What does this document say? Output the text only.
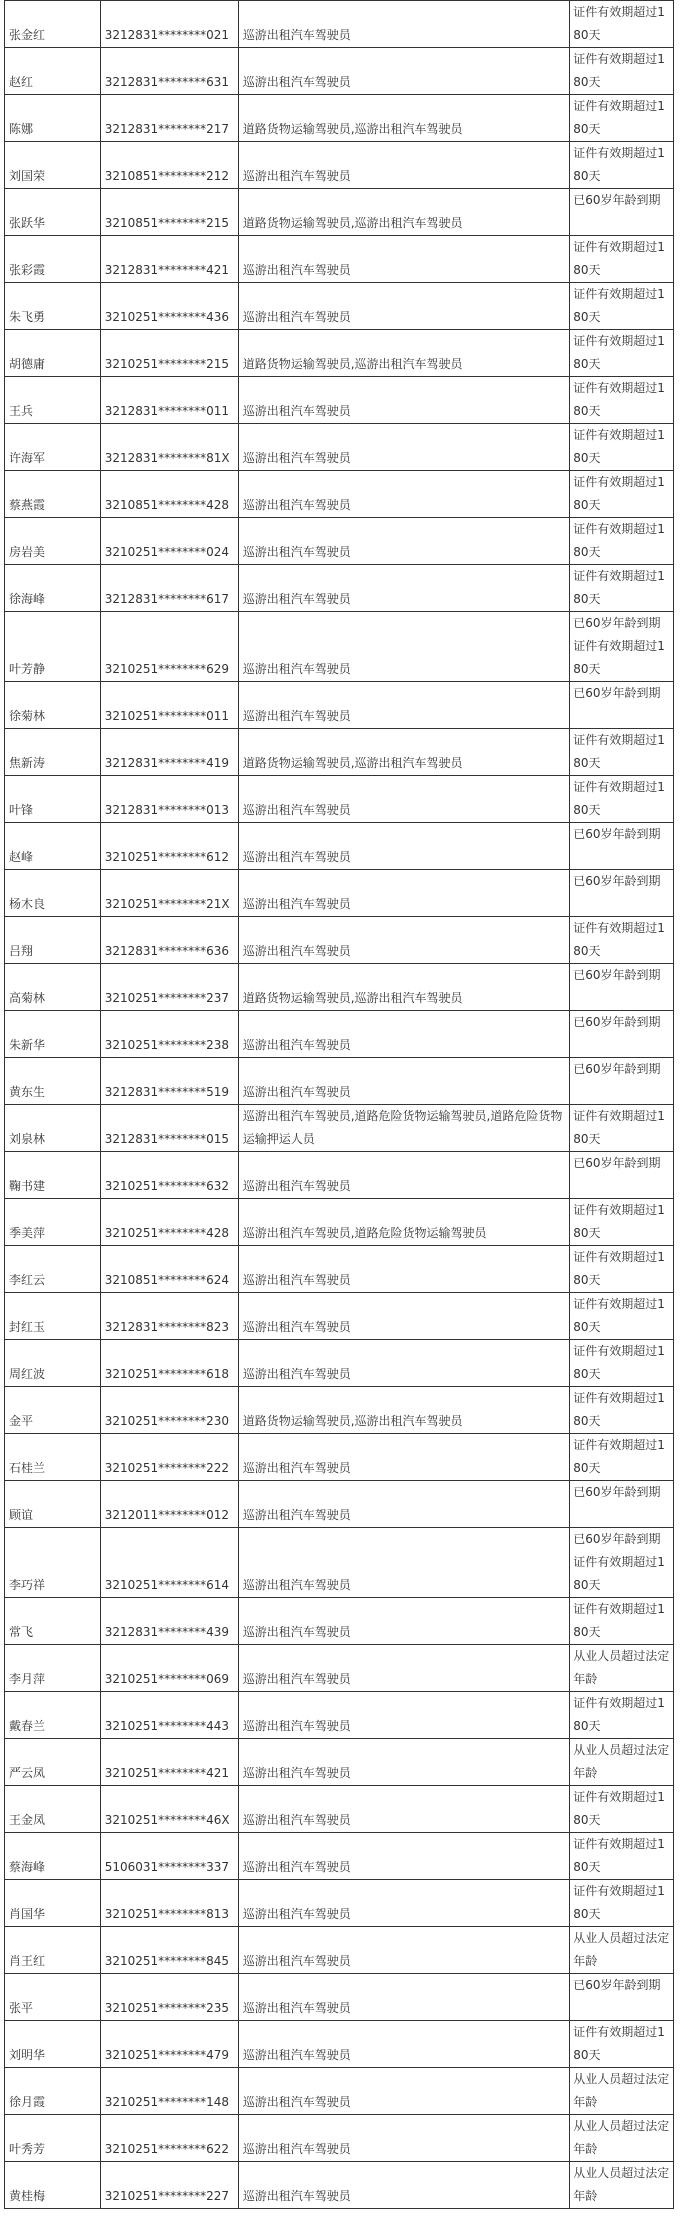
张金红	3212831********021	巡游出租汽车驾驶员	证件有效期超过180天
赵红	3212831********631	巡游出租汽车驾驶员	证件有效期超过180天
陈娜	3212831********217	道路货物运输驾驶员,巡游出租汽车驾驶员	证件有效期超过180天
刘国荣	3210851********212	巡游出租汽车驾驶员	证件有效期超过180天
张跃华	3210851********215	道路货物运输驾驶员,巡游出租汽车驾驶员	已60岁年龄到期
张彩霞	3212831********421	巡游出租汽车驾驶员	证件有效期超过180天
朱飞勇	3210251********436	巡游出租汽车驾驶员	证件有效期超过180天
胡德庸	3210251********215	道路货物运输驾驶员,巡游出租汽车驾驶员	证件有效期超过180天
王兵	3212831********011	巡游出租汽车驾驶员	证件有效期超过180天
许海军	3212831********81X	巡游出租汽车驾驶员	证件有效期超过180天
蔡燕霞	3210851********428	巡游出租汽车驾驶员	证件有效期超过180天
房岩美	3210251********024	巡游出租汽车驾驶员	证件有效期超过180天
徐海峰	3212831********617	巡游出租汽车驾驶员	证件有效期超过180天
叶芳静	3210251********629	巡游出租汽车驾驶员	已60岁年龄到期证件有效期超过180天
徐菊林	3210251********011	巡游出租汽车驾驶员	已60岁年龄到期
焦新涛	3212831********419	道路货物运输驾驶员,巡游出租汽车驾驶员	证件有效期超过180天
叶锋	3212831********013	巡游出租汽车驾驶员	证件有效期超过180天
赵峰	3210251********612	巡游出租汽车驾驶员	已60岁年龄到期
杨木良	3210251********21X	巡游出租汽车驾驶员	已60岁年龄到期
吕翔	3212831********636	巡游出租汽车驾驶员	证件有效期超过180天
高菊林	3210251********237	道路货物运输驾驶员,巡游出租汽车驾驶员	已60岁年龄到期
朱新华	3210251********238	巡游出租汽车驾驶员	已60岁年龄到期
黄东生	3212831********519	巡游出租汽车驾驶员	已60岁年龄到期
刘泉林	3212831********015	巡游出租汽车驾驶员,道路危险货物运输驾驶员,道路危险货物运输押运人员	证件有效期超过180天
鞠书建	3210251********632	巡游出租汽车驾驶员	已60岁年龄到期
季美萍	3210251********428	巡游出租汽车驾驶员,道路危险货物运输驾驶员	证件有效期超过180天
李红云	3210851********624	巡游出租汽车驾驶员	证件有效期超过180天
封红玉	3212831********823	巡游出租汽车驾驶员	证件有效期超过180天
周红波	3210251********618	巡游出租汽车驾驶员	证件有效期超过180天
金平	3210251********230	道路货物运输驾驶员,巡游出租汽车驾驶员	证件有效期超过180天
石桂兰	3210251********222	巡游出租汽车驾驶员	证件有效期超过180天
顾谊	3212011********012	巡游出租汽车驾驶员	已60岁年龄到期
李巧祥	3210251********614	巡游出租汽车驾驶员	已60岁年龄到期证件有效期超过180天
常飞	3212831********439	巡游出租汽车驾驶员	证件有效期超过180天
李月萍	3210251********069	巡游出租汽车驾驶员	从业人员超过法定年龄
戴春兰	3210251********443	巡游出租汽车驾驶员	证件有效期超过180天
严云凤	3210251********421	巡游出租汽车驾驶员	从业人员超过法定年龄
王金凤	3210251********46X	巡游出租汽车驾驶员	证件有效期超过180天
蔡海峰	5106031********337	巡游出租汽车驾驶员	证件有效期超过180天
肖国华	3210251********813	巡游出租汽车驾驶员	证件有效期超过180天
肖王红	3210251********845	巡游出租汽车驾驶员	从业人员超过法定年龄
张平	3210251********235	巡游出租汽车驾驶员	已60岁年龄到期
刘明华	3210251********479	巡游出租汽车驾驶员	证件有效期超过180天
徐月霞	3210251********148	巡游出租汽车驾驶员	从业人员超过法定年龄
叶秀芳	3210251********622	巡游出租汽车驾驶员	从业人员超过法定年龄
黄桂梅	3210251********227	巡游出租汽车驾驶员	从业人员超过法定年龄
